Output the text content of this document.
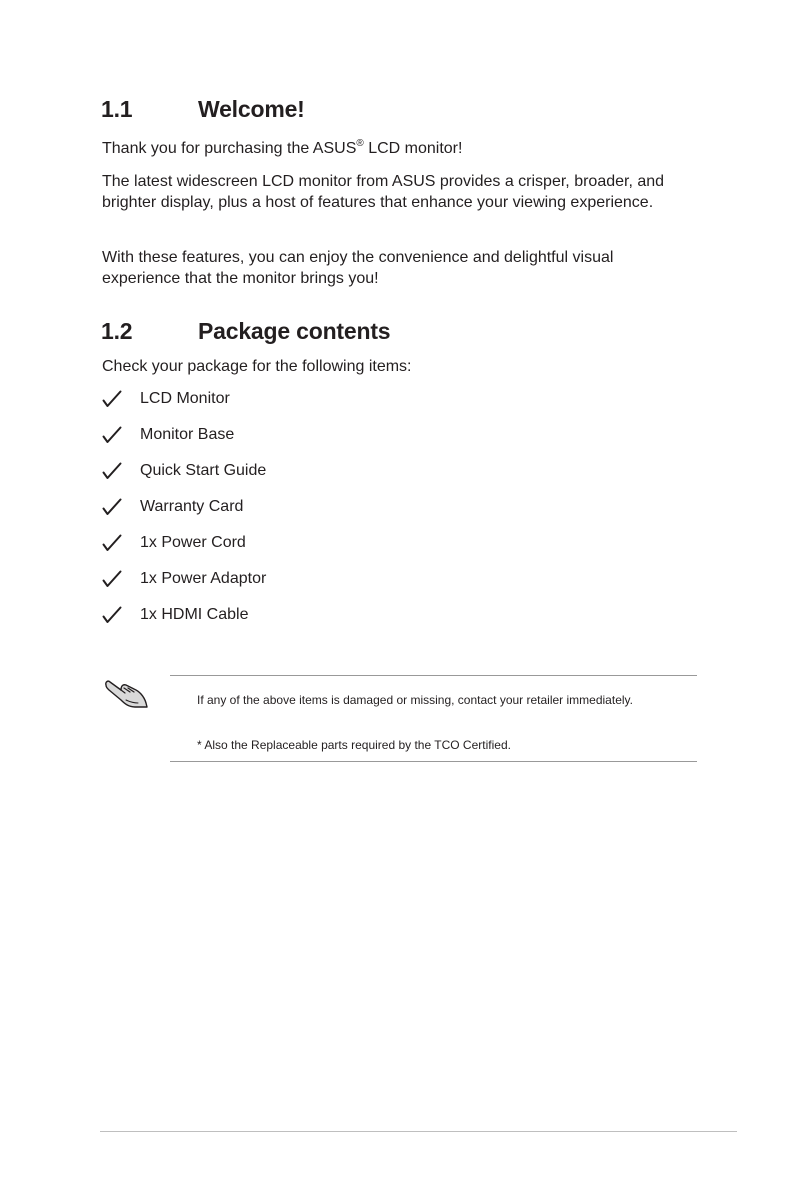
1.1	Welcome!

Thank you for purchasing the ASUS® LCD monitor!

The latest widescreen LCD monitor from ASUS provides a crisper, broader, and brighter display, plus a host of features that enhance your viewing experience.

With these features, you can enjoy the convenience and delightful visual experience that the monitor brings you!

1.2	Package contents

Check your package for the following items:

LCD Monitor
Monitor Base
Quick Start Guide
Warranty Card
1x Power Cord
1x Power Adaptor
1x HDMI Cable

If any of the above items is damaged or missing, contact your retailer immediately.

* Also the Replaceable parts required by the TCO Certified.
